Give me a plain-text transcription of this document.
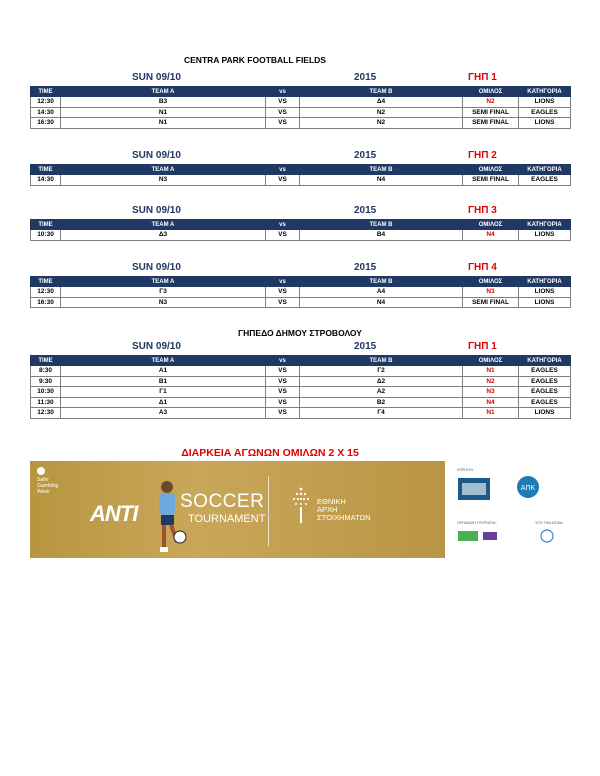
CENTRA PARK FOOTBALL FIELDS
SUN 09/10	2015	ΓΗΠ 1
TIME	TEAM A	vs	TEAM B	ΟΜΙΛΟΣ	ΚΑΤΗΓΟΡΙΑ
12:30	B3	VS	Δ4	N2	LIONS
14:30	N1	VS	N2	SEMI FINAL	EAGLES
16:30	N1	VS	N2	SEMI FINAL	LIONS
SUN 09/10	2015	ΓΗΠ 2
TIME	TEAM A	vs	TEAM B	ΟΜΙΛΟΣ	ΚΑΤΗΓΟΡΙΑ
14:30	N3	VS	N4	SEMI FINAL	EAGLES
SUN 09/10	2015	ΓΗΠ 3
TIME	TEAM A	vs	TEAM B	ΟΜΙΛΟΣ	ΚΑΤΗΓΟΡΙΑ
10:30	Δ3	VS	B4	N4	LIONS
SUN 09/10	2015	ΓΗΠ 4
TIME	TEAM A	vs	TEAM B	ΟΜΙΛΟΣ	ΚΑΤΗΓΟΡΙΑ
12:30	Γ3	VS	A4	N3	LIONS
16:30	N3	VS	N4	SEMI FINAL	LIONS
ΓΗΠΕΔΟ ΔΗΜΟΥ ΣΤΡΟΒΟΛΟΥ
SUN 09/10	2015	ΓΗΠ 1
TIME	TEAM A	vs	TEAM B	ΟΜΙΛΟΣ	ΚΑΤΗΓΟΡΙΑ
8:30	A1	VS	Γ2	N1	EAGLES
9:30	B1	VS	Δ2	N2	EAGLES
10:30	Γ1	VS	A2	N3	EAGLES
11:30	Δ1	VS	B2	N4	EAGLES
12:30	A3	VS	Γ4	N1	LIONS
ΔΙΑΡΚΕΙΑ ΑΓΩΝΩΝ ΟΜΙΛΩΝ 2 Χ 15

Safer Gambling Week
ANTI SOCCER
TOURNAMENT
ΕΘΝΙΚΗ
ΑΡΧΗ
ΣΤΟΙΧΗΜΑΤΩΝ
ΧΟΡΗΓΟΙ:
ΑΠΚ
ΟΡΓΑΝΩΣΗ ΤΟΥΡΝΟΥΑ:	ΥΠΟ ΤΗΝ ΑΙΓΙΔΑ:
